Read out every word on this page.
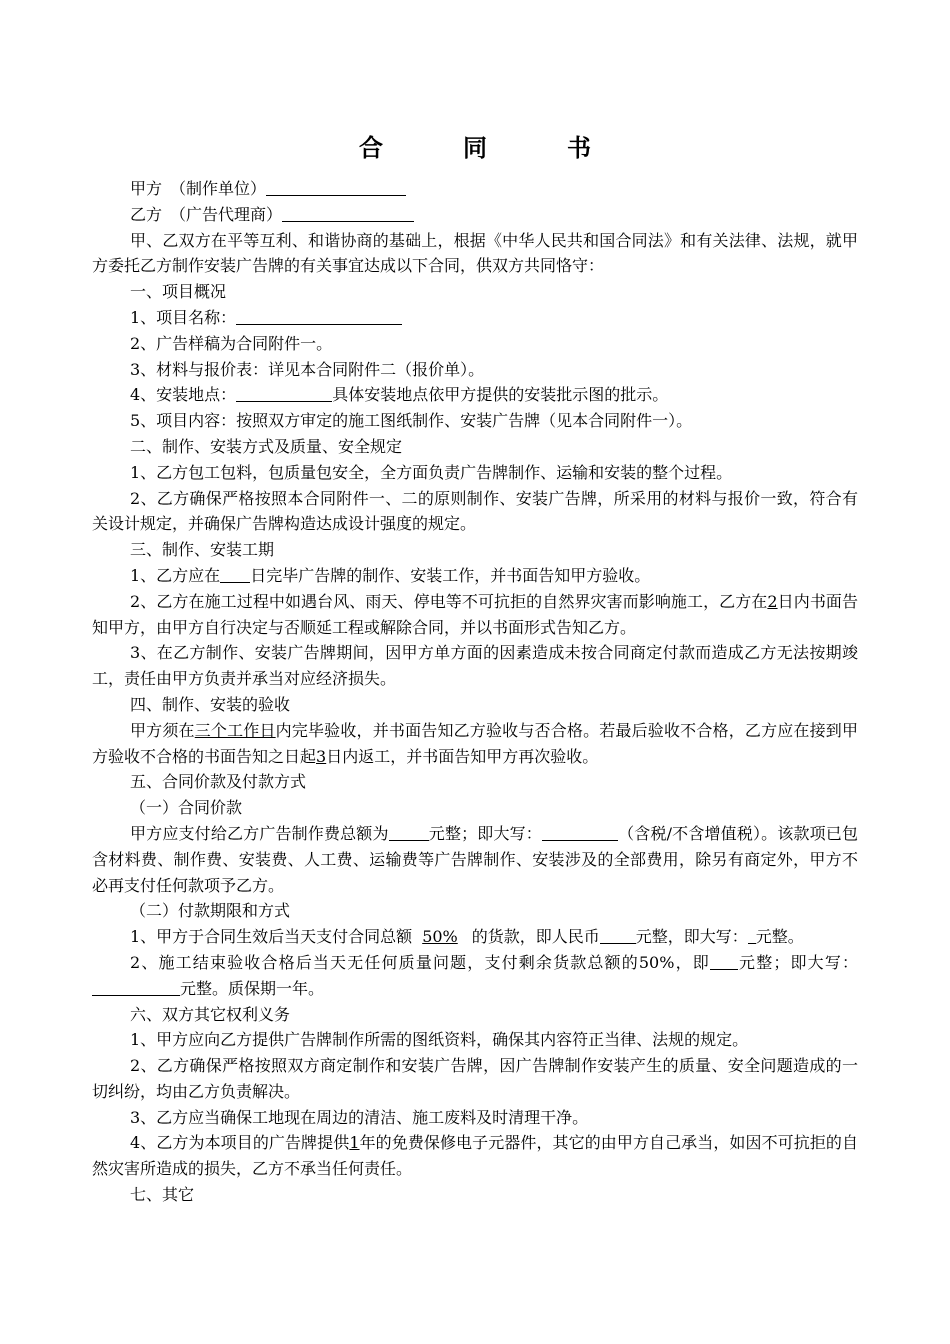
合　同　书

甲方　（制作单位）

乙方　（广告代理商）

甲、乙双方在平等互利、和谐协商的基础上，根据《中华人民共和国合同法》和有关法律、法规，就甲方委托乙方制作安装广告牌的有关事宜达成以下合同，供双方共同恪守：

一、项目概况

1、项目名称：

2、广告样稿为合同附件一。

3、材料与报价表：详见本合同附件二（报价单）。

4、安装地点：	具体安装地点依甲方提供的安装批示图的批示。

5、项目内容：按照双方审定的施工图纸制作、安装广告牌（见本合同附件一）。

二、制作、安装方式及质量、安全规定

1、乙方包工包料，包质量包安全，全方面负责广告牌制作、运输和安装的整个过程。

2、乙方确保严格按照本合同附件一、二的原则制作、安装广告牌，所采用的材料与报价一致，符合有关设计规定，并确保广告牌构造达成设计强度的规定。

三、制作、安装工期

1、乙方应在 日完毕广告牌的制作、安装工作，并书面告知甲方验收。

2、乙方在施工过程中如遇台风、雨天、停电等不可抗拒的自然界灾害而影响施工，乙方在2日内书面告知甲方，由甲方自行决定与否顺延工程或解除合同，并以书面形式告知乙方。

3、在乙方制作、安装广告牌期间，因甲方单方面的因素造成未按合同商定付款而造成乙方无法按期竣工，责任由甲方负责并承当对应经济损失。

四、制作、安装的验收

甲方须在三个工作日内完毕验收，并书面告知乙方验收与否合格。若最后验收不合格，乙方应在接到甲方验收不合格的书面告知之日起3日内返工，并书面告知甲方再次验收。

五、合同价款及付款方式

（一）合同价款

甲方应支付给乙方广告制作费总额为	元整；即大写：	（含税/不含增值税）。该款项已包含材料费、制作费、安装费、人工费、运输费等广告牌制作、安装涉及的全部费用，除另有商定外，甲方不必再支付任何款项予乙方。

（二）付款期限和方式

1、甲方于合同生效后当天支付合同总额 50% 的货款，即人民币 元整，即大写： 元整。

2、施工结束验收合格后当天无任何质量问题，支付剩余货款总额的50%，即 元整；即大写：元整。质保期一年。

六、双方其它权利义务

1、甲方应向乙方提供广告牌制作所需的图纸资料，确保其内容符正当律、法规的规定。

2、乙方确保严格按照双方商定制作和安装广告牌，因广告牌制作安装产生的质量、安全问题造成的一切纠纷，均由乙方负责解决。

3、乙方应当确保工地现在周边的清洁、施工废料及时清理干净。

4、乙方为本项目的广告牌提供1年的免费保修电子元器件，其它的由甲方自己承当，如因不可抗拒的自然灾害所造成的损失，乙方不承当任何责任。

七、其它
